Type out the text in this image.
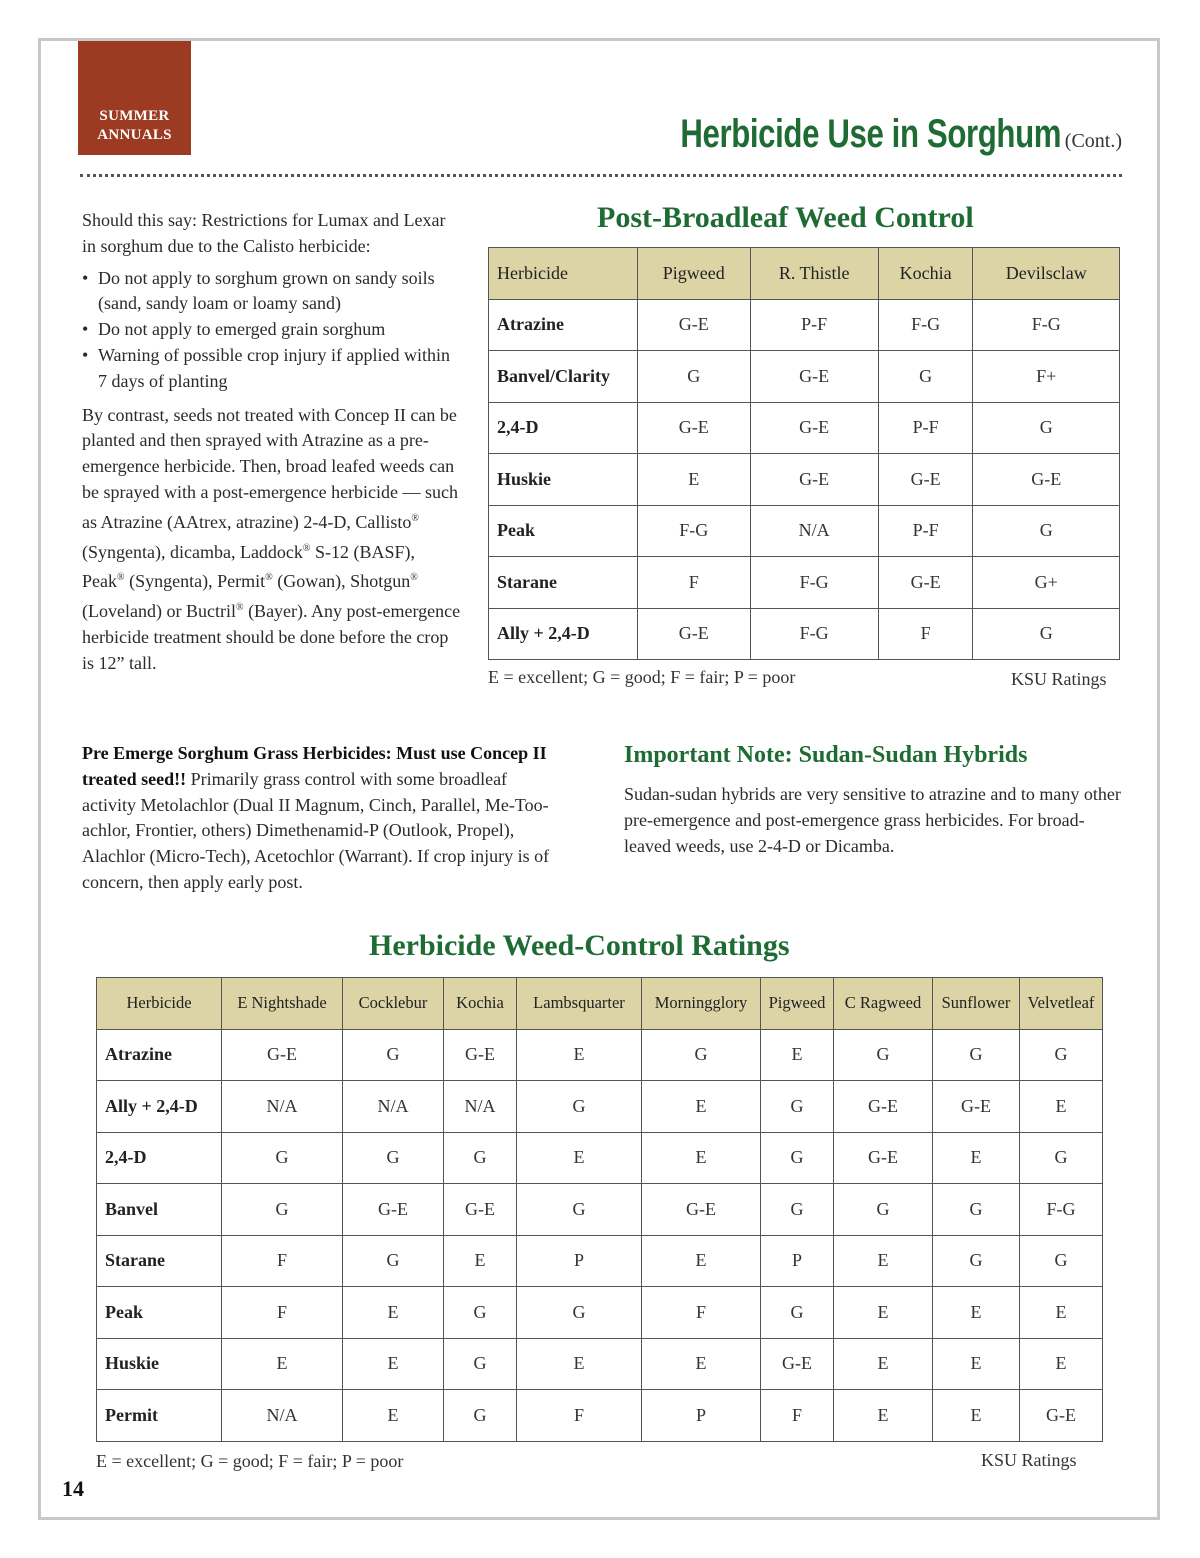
SUMMER
ANNUALS	Herbicide Use in Sorghum (Cont.)

Should this say: Restrictions for Lumax and Lexar in sorghum due to the Calisto herbicide:

• Do not apply to sorghum grown on sandy soils (sand, sandy loam or loamy sand)
• Do not apply to emerged grain sorghum
• Warning of possible crop injury if applied within 7 days of planting

By contrast, seeds not treated with Concep II can be planted and then sprayed with Atrazine as a pre-emergence herbicide. Then, broad leafed weeds can be sprayed with a post-emergence herbicide — such as Atrazine (AAtrex, atrazine) 2-4-D, Callisto® (Syngenta), dicamba, Laddock® S-12 (BASF), Peak® (Syngenta), Permit® (Gowan), Shotgun® (Loveland) or Buctril® (Bayer). Any post-emergence herbicide treatment should be done before the crop is 12” tall.

Post-Broadleaf Weed Control
Herbicide	Pigweed	R. Thistle	Kochia	Devilsclaw
Atrazine	G-E	P-F	F-G	F-G
Banvel/Clarity	G	G-E	G	F+
2,4-D	G-E	G-E	P-F	G
Huskie	E	G-E	G-E	G-E
Peak	F-G	N/A	P-F	G
Starane	F	F-G	G-E	G+
Ally + 2,4-D	G-E	F-G	F	G
E = excellent; G = good; F = fair; P = poor	KSU Ratings
Pre Emerge Sorghum Grass Herbicides: Must use Concep II treated seed!! Primarily grass control with some broadleaf activity Metolachlor (Dual II Magnum, Cinch, Parallel, Me-Too-achlor, Frontier, others) Dimethenamid-P (Outlook, Propel), Alachlor (Micro-Tech), Acetochlor (Warrant). If crop injury is of concern, then apply early post.
Important Note: Sudan-Sudan Hybrids
Sudan-sudan hybrids are very sensitive to atrazine and to many other pre-emergence and post-emergence grass herbicides. For broad-leaved weeds, use 2-4-D or Dicamba.
Herbicide Weed-Control Ratings
Herbicide	E Nightshade	Cocklebur	Kochia	Lambsquarter	Morningglory	Pigweed	C Ragweed	Sunflower	Velvetleaf
Atrazine	G-E	G	G-E	E	G	E	G	G	G
Ally + 2,4-D	N/A	N/A	N/A	G	E	G	G-E	G-E	E
2,4-D	G	G	G	E	E	G	G-E	E	G
Banvel	G	G-E	G-E	G	G-E	G	G	G	F-G
Starane	F	G	E	P	E	P	E	G	G
Peak	F	E	G	G	F	G	E	E	E
Huskie	E	E	G	E	E	G-E	E	E	E
Permit	N/A	E	G	F	P	F	E	E	G-E
E = excellent; G = good; F = fair; P = poor	KSU Ratings
14
